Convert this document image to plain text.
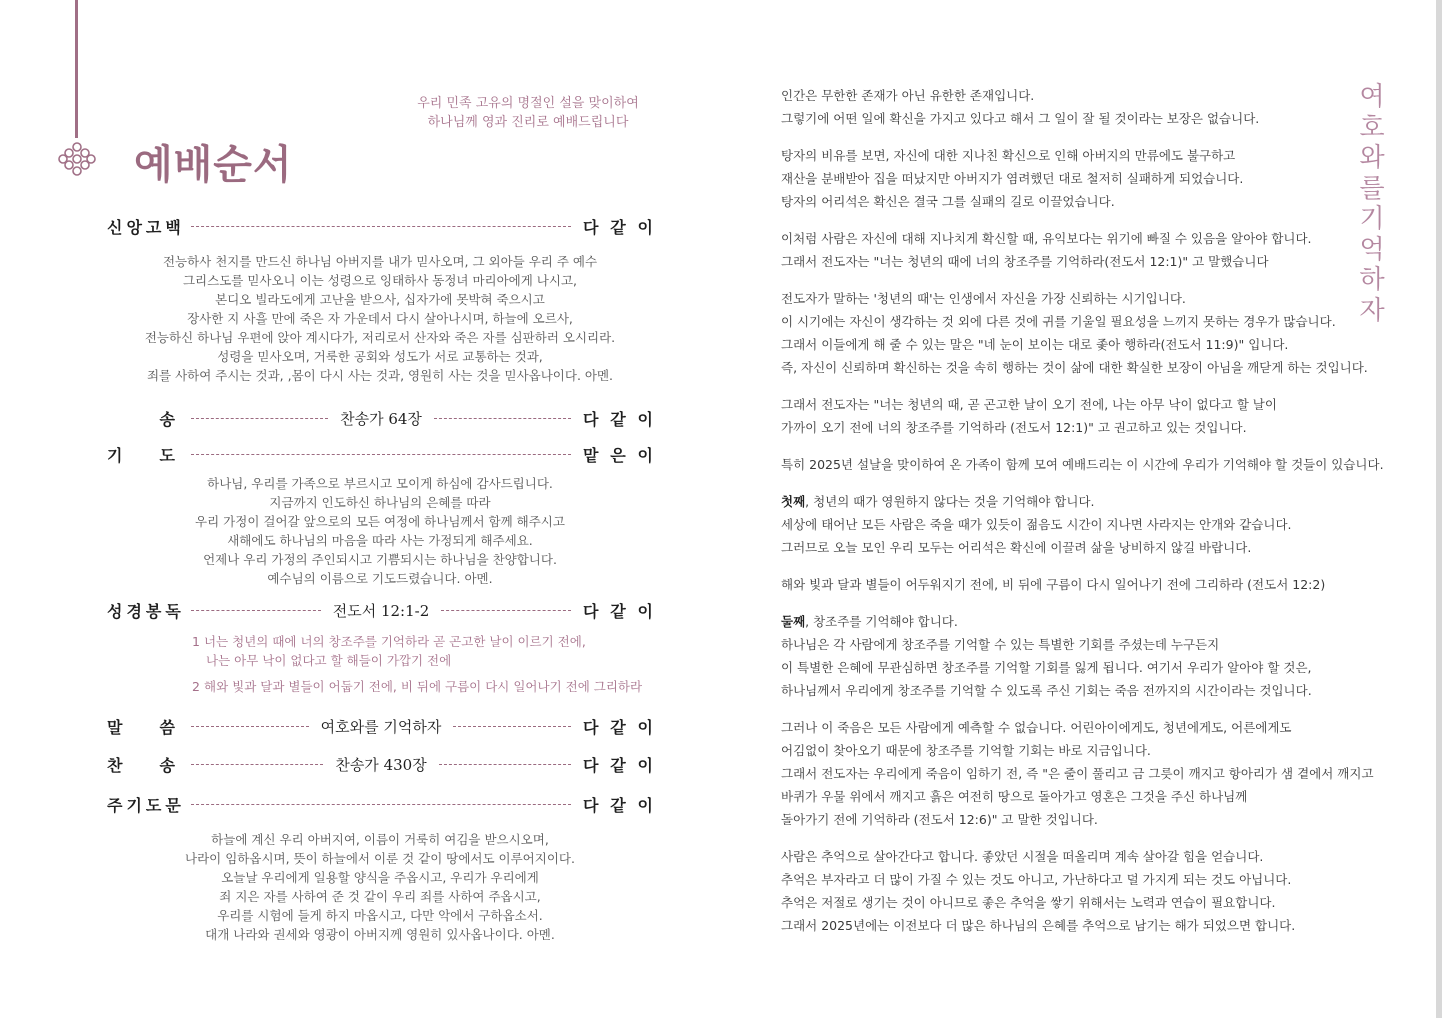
예배순서
우리 민족 고유의 명절인 설을 맞이하여
하나님께 영과 진리로 예배드립니다
신앙고백	다 같 이
전능하사 천지를 만드신 하나님 아버지를 내가 믿사오며, 그 외아들 우리 주 예수
그리스도를 믿사오니 이는 성령으로 잉태하사 동정녀 마리아에게 나시고,
본디오 빌라도에게 고난을 받으사, 십자가에 못박혀 죽으시고
장사한 지 사흘 만에 죽은 자 가운데서 다시 살아나시며, 하늘에 오르사,
전능하신 하나님 우편에 앉아 계시다가, 저리로서 산자와 죽은 자를 심판하러 오시리라.
성령을 믿사오며, 거룩한 공회와 성도가 서로 교통하는 것과,
죄를 사하여 주시는 것과, ,몸이 다시 사는 것과, 영원히 사는 것을 믿사옵나이다. 아멘.
송	찬송가 64장	다 같 이
기 도	맡 은 이
하나님, 우리를 가족으로 부르시고 모이게 하심에 감사드립니다.
지금까지 인도하신 하나님의 은혜를 따라
우리 가정이 걸어갈 앞으로의 모든 여정에 하나님께서 함께 해주시고
새해에도 하나님의 마음을 따라 사는 가정되게 해주세요.
언제나 우리 가정의 주인되시고 기쁨되시는 하나님을 찬양합니다.
예수님의 이름으로 기도드렸습니다. 아멘.
성경봉독	전도서 12:1-2	다 같 이
1 너는 청년의 때에 너의 창조주를 기억하라 곧 곤고한 날이 이르기 전에,
나는 아무 낙이 없다고 할 해들이 가깝기 전에
2 해와 빛과 달과 별들이 어둡기 전에, 비 뒤에 구름이 다시 일어나기 전에 그리하라
말 씀	여호와를 기억하자	다 같 이
찬 송	찬송가 430장	다 같 이
주기도문	다 같 이
하늘에 계신 우리 아버지여, 이름이 거룩히 여김을 받으시오며,
나라이 임하옵시며, 뜻이 하늘에서 이룬 것 같이 땅에서도 이루어지이다.
오늘날 우리에게 일용할 양식을 주옵시고, 우리가 우리에게
죄 지은 자를 사하여 준 것 같이 우리 죄를 사하여 주옵시고,
우리를 시험에 들게 하지 마옵시고, 다만 악에서 구하옵소서.
대개 나라와 권세와 영광이 아버지께 영원히 있사옵나이다. 아멘.
인간은 무한한 존재가 아닌 유한한 존재입니다.
그렇기에 어떤 일에 확신을 가지고 있다고 해서 그 일이 잘 될 것이라는 보장은 없습니다.
탕자의 비유를 보면, 자신에 대한 지나친 확신으로 인해 아버지의 만류에도 불구하고
재산을 분배받아 집을 떠났지만 아버지가 염려했던 대로 철저히 실패하게 되었습니다.
탕자의 어리석은 확신은 결국 그를 실패의 길로 이끌었습니다.
이처럼 사람은 자신에 대해 지나치게 확신할 때, 유익보다는 위기에 빠질 수 있음을 알아야 합니다.
그래서 전도자는 "너는 청년의 때에 너의 창조주를 기억하라(전도서 12:1)" 고 말했습니다
전도자가 말하는 '청년의 때'는 인생에서 자신을 가장 신뢰하는 시기입니다.
이 시기에는 자신이 생각하는 것 외에 다른 것에 귀를 기울일 필요성을 느끼지 못하는 경우가 많습니다.
그래서 이들에게 해 줄 수 있는 말은 "네 눈이 보이는 대로 좇아 행하라(전도서 11:9)" 입니다.
즉, 자신이 신뢰하며 확신하는 것을 속히 행하는 것이 삶에 대한 확실한 보장이 아님을 깨닫게 하는 것입니다.
그래서 전도자는 "너는 청년의 때, 곧 곤고한 날이 오기 전에, 나는 아무 낙이 없다고 할 날이
가까이 오기 전에 너의 창조주를 기억하라 (전도서 12:1)" 고 권고하고 있는 것입니다.
특히 2025년 설날을 맞이하여 온 가족이 함께 모여 예배드리는 이 시간에 우리가 기억해야 할 것들이 있습니다.
첫째, 청년의 때가 영원하지 않다는 것을 기억해야 합니다.
세상에 태어난 모든 사람은 죽을 때가 있듯이 젊음도 시간이 지나면 사라지는 안개와 같습니다.
그러므로 오늘 모인 우리 모두는 어리석은 확신에 이끌려 삶을 낭비하지 않길 바랍니다.
해와 빛과 달과 별들이 어두워지기 전에, 비 뒤에 구름이 다시 일어나기 전에 그리하라 (전도서 12:2)
둘째, 창조주를 기억해야 합니다.
하나님은 각 사람에게 창조주를 기억할 수 있는 특별한 기회를 주셨는데 누구든지
이 특별한 은혜에 무관심하면 창조주를 기억할 기회를 잃게 됩니다. 여기서 우리가 알아야 할 것은,
하나님께서 우리에게 창조주를 기억할 수 있도록 주신 기회는 죽음 전까지의 시간이라는 것입니다.
그러나 이 죽음은 모든 사람에게 예측할 수 없습니다. 어린아이에게도, 청년에게도, 어른에게도
어김없이 찾아오기 때문에 창조주를 기억할 기회는 바로 지금입니다.
그래서 전도자는 우리에게 죽음이 임하기 전, 즉 "은 줄이 풀리고 금 그릇이 깨지고 항아리가 샘 곁에서 깨지고
바퀴가 우물 위에서 깨지고 흙은 여전히 땅으로 돌아가고 영혼은 그것을 주신 하나님께
돌아가기 전에 기억하라 (전도서 12:6)" 고 말한 것입니다.
사람은 추억으로 살아간다고 합니다. 좋았던 시절을 떠올리며 계속 살아갈 힘을 얻습니다.
추억은 부자라고 더 많이 가질 수 있는 것도 아니고, 가난하다고 덜 가지게 되는 것도 아닙니다.
추억은 저절로 생기는 것이 아니므로 좋은 추억을 쌓기 위해서는 노력과 연습이 필요합니다.
그래서 2025년에는 이전보다 더 많은 하나님의 은혜를 추억으로 남기는 해가 되었으면 합니다.
여
호
와
를
기
억
하
자
